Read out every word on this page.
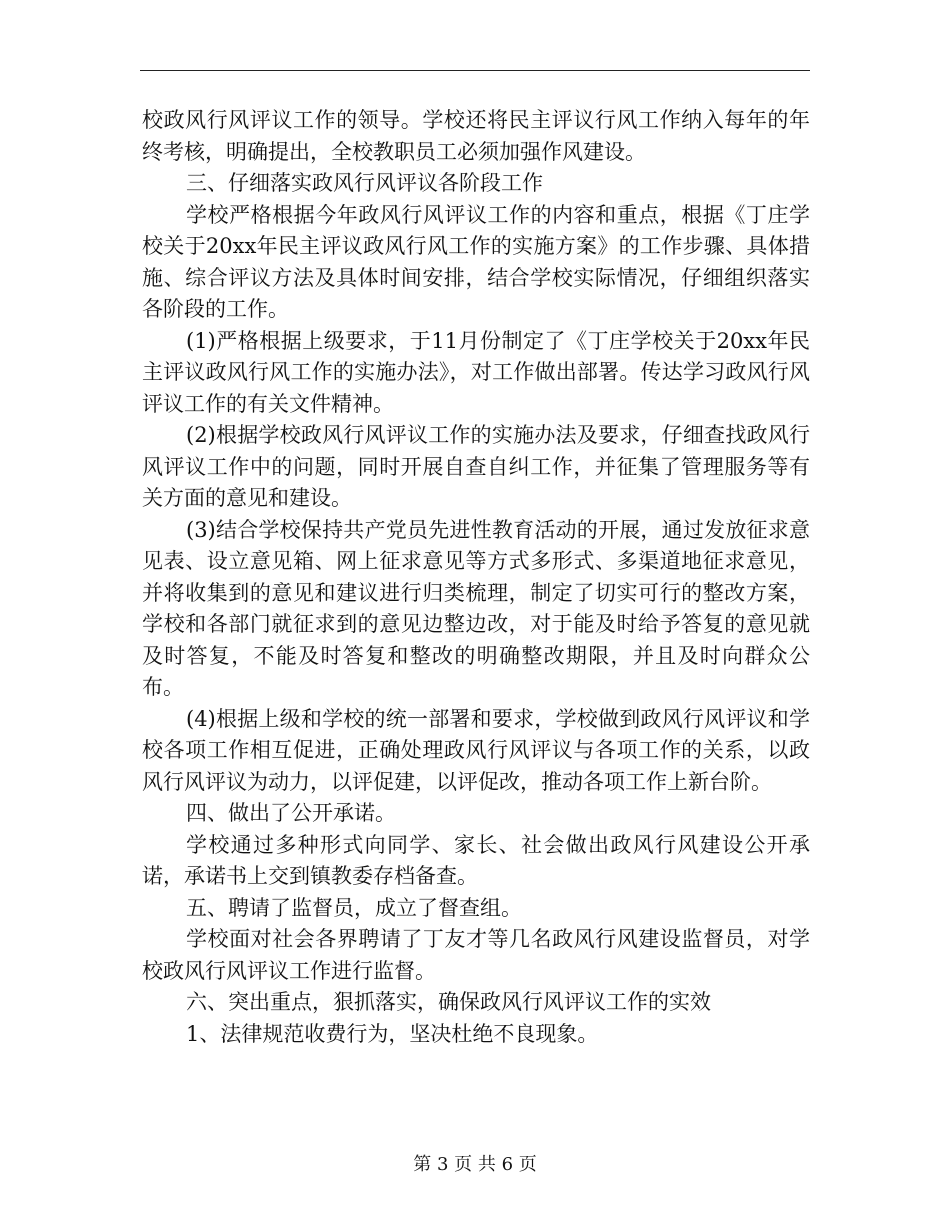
校政风行风评议工作的领导。学校还将民主评议行风工作纳入每年的年终考核，明确提出，全校教职员工必须加强作风建设。

三、仔细落实政风行风评议各阶段工作

学校严格根据今年政风行风评议工作的内容和重点，根据《丁庄学校关于20xx年民主评议政风行风工作的实施方案》的工作步骤、具体措施、综合评议方法及具体时间安排，结合学校实际情况，仔细组织落实各阶段的工作。

(1)严格根据上级要求，于11月份制定了《丁庄学校关于20xx年民主评议政风行风工作的实施办法》，对工作做出部署。传达学习政风行风评议工作的有关文件精神。

(2)根据学校政风行风评议工作的实施办法及要求，仔细查找政风行风评议工作中的问题，同时开展自查自纠工作，并征集了管理服务等有关方面的意见和建设。

(3)结合学校保持共产党员先进性教育活动的开展，通过发放征求意见表、设立意见箱、网上征求意见等方式多形式、多渠道地征求意见，并将收集到的意见和建议进行归类梳理，制定了切实可行的整改方案，学校和各部门就征求到的意见边整边改，对于能及时给予答复的意见就及时答复，不能及时答复和整改的明确整改期限，并且及时向群众公布。

(4)根据上级和学校的统一部署和要求，学校做到政风行风评议和学校各项工作相互促进，正确处理政风行风评议与各项工作的关系，以政风行风评议为动力，以评促建，以评促改，推动各项工作上新台阶。

四、做出了公开承诺。

学校通过多种形式向同学、家长、社会做出政风行风建设公开承诺，承诺书上交到镇教委存档备查。

五、聘请了监督员，成立了督查组。

学校面对社会各界聘请了丁友才等几名政风行风建设监督员，对学校政风行风评议工作进行监督。

六、突出重点，狠抓落实，确保政风行风评议工作的实效

1、法律规范收费行为，坚决杜绝不良现象。

第 3 页 共 6 页
